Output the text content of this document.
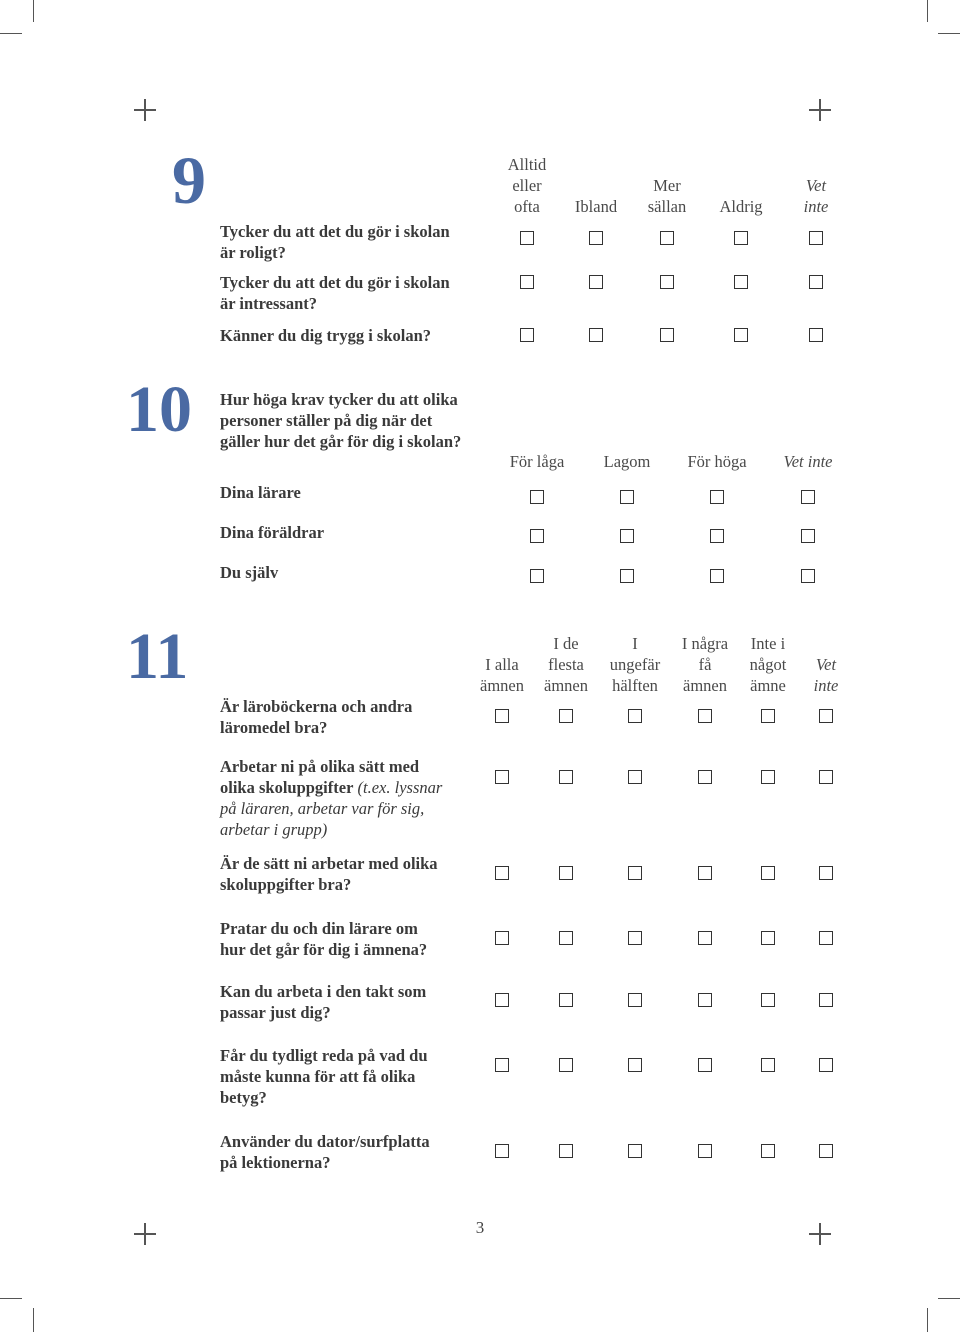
9
10
11
Hur höga krav tycker du att olika
personer ställer på dig när det
gäller hur det går för dig i skolan?
Alltid
eller
ofta	Ibland
Mer
sällan Aldrig
Vet
inte
Tycker du att det du gör i skolan
är roligt?
Tycker du att det du gör i skolan
är intressant?
Känner du dig trygg i skolan?
För låga Lagom För höga Vet inte
Dina lärare
Dina föräldrar
Du själv
I alla
ämnen
I de
flesta
ämnen
I
ungefär
hälften
I några
få
ämnen
Inte i
något
ämne
Vet
inte
Är läroböckerna och andra
läromedel bra?
Arbetar ni på olika sätt med
olika skoluppgifter (t.ex. lyssnar
på läraren, arbetar var för sig,
arbetar i grupp)
Är de sätt ni arbetar med olika
skoluppgifter bra?
Pratar du och din lärare om
hur det går för dig i ämnena?
Kan du arbeta i den takt som
passar just dig?
Får du tydligt reda på vad du
måste kunna för att få olika
betyg?
Använder du dator/surfplatta
på lektionerna?
3
